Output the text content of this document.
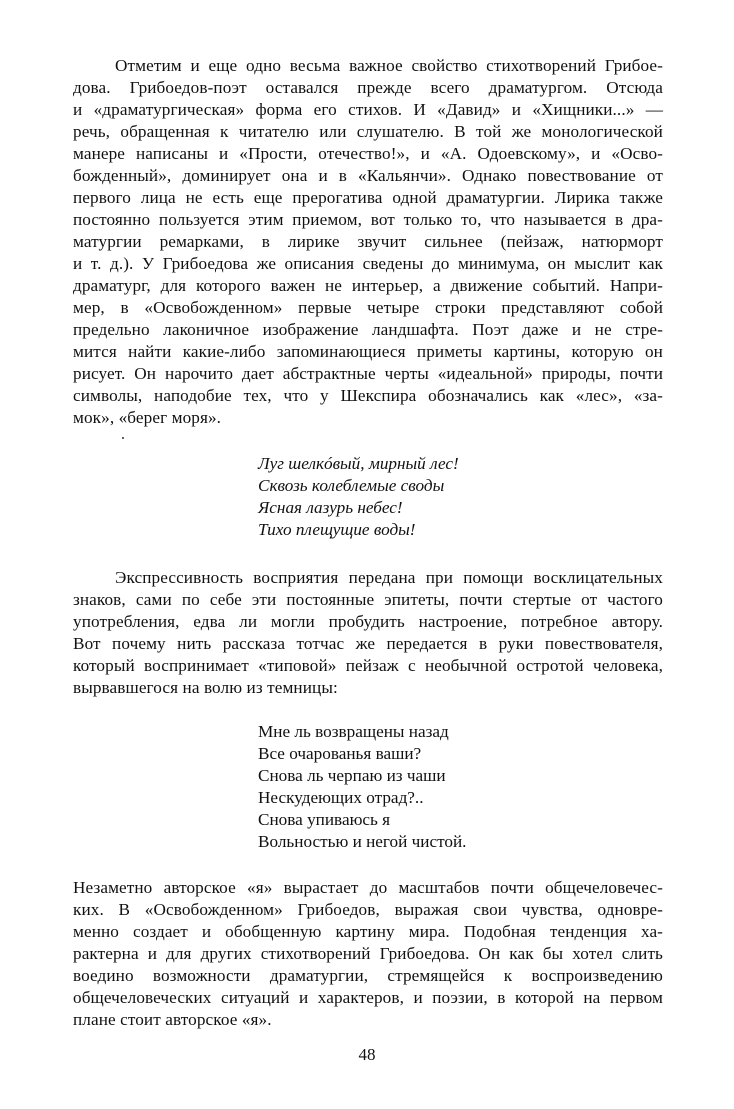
Отметим и еще одно весьма важное свойство стихотворений Грибое-
дова. Грибоедов-поэт оставался прежде всего драматургом. Отсюда
и «драматургическая» форма его стихов. И «Давид» и «Хищники...» —
речь, обращенная к читателю или слушателю. В той же монологической
манере написаны и «Прости, отечество!», и «А. Одоевскому», и «Осво-
божденный», доминирует она и в «Кальянчи». Однако повествование от
первого лица не есть еще прерогатива одной драматургии. Лирика также
постоянно пользуется этим приемом, вот только то, что называется в дра-
матургии ремарками, в лирике звучит сильнее (пейзаж, натюрморт
и т. д.). У Грибоедова же описания сведены до минимума, он мыслит как
драматург, для которого важен не интерьер, а движение событий. Напри-
мер, в «Освобожденном» первые четыре строки представляют собой
предельно лаконичное изображение ландшафта. Поэт даже и не стре-
мится найти какие-либо запоминающиеся приметы картины, которую он
рисует. Он нарочито дает абстрактные черты «идеальной» природы, почти
символы, наподобие тех, что у Шекспира обозначались как «лес», «за-
мок», «берег моря».
Луг шелкóвый, мирный лес!
Сквозь колеблемые своды
Ясная лазурь небес!
Тихо плещущие воды!
Экспрессивность восприятия передана при помощи восклицательных
знаков, сами по себе эти постоянные эпитеты, почти стертые от частого
употребления, едва ли могли пробудить настроение, потребное автору.
Вот почему нить рассказа тотчас же передается в руки повествователя,
который воспринимает «типовой» пейзаж с необычной остротой человека,
вырвавшегося на волю из темницы:
Мне ль возвращены назад
Все очарованья ваши?
Снова ль черпаю из чаши
Нескудеющих отрад?..
Снова упиваюсь я
Вольностью и негой чистой.
Незаметно авторское «я» вырастает до масштабов почти общечеловечес-
ких. В «Освобожденном» Грибоедов, выражая свои чувства, одновре-
менно создает и обобщенную картину мира. Подобная тенденция ха-
рактерна и для других стихотворений Грибоедова. Он как бы хотел слить
воедино возможности драматургии, стремящейся к воспроизведению
общечеловеческих ситуаций и характеров, и поэзии, в которой на первом
плане стоит авторское «я».
48
